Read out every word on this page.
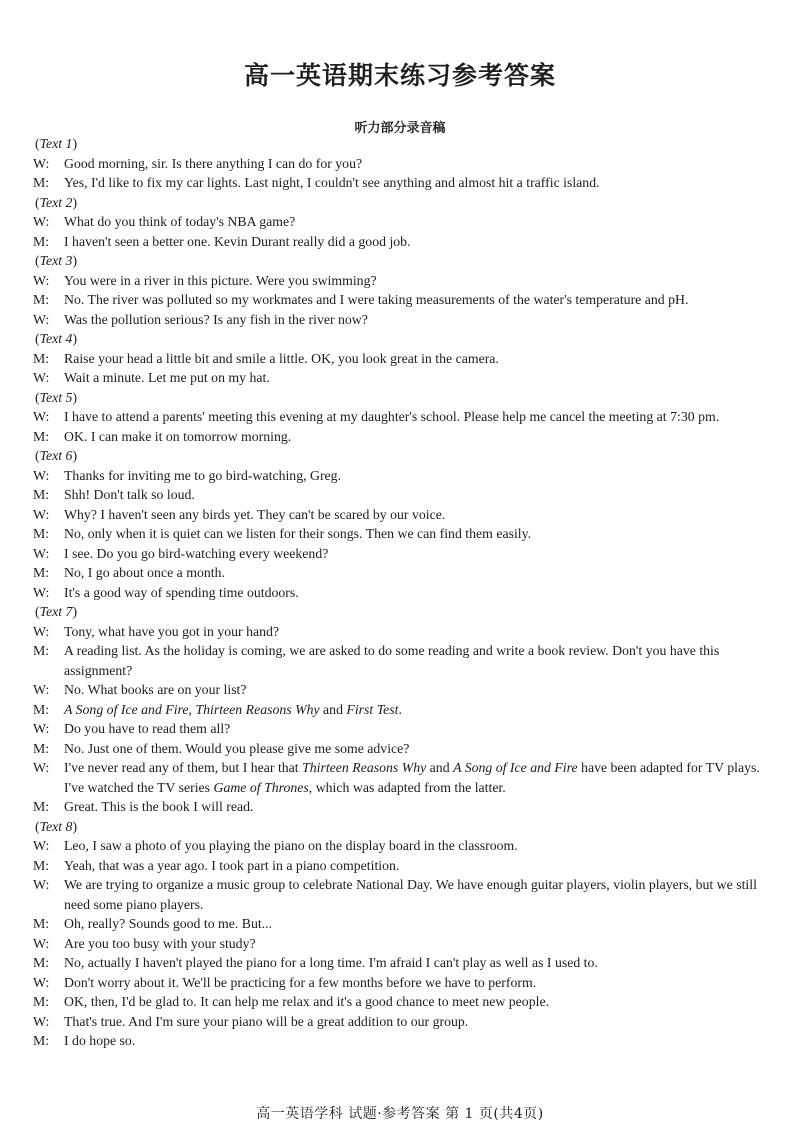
高一英语期末练习参考答案
听力部分录音稿
(Text 1)
W: Good morning, sir. Is there anything I can do for you?
M: Yes, I'd like to fix my car lights. Last night, I couldn't see anything and almost hit a traffic island.
(Text 2)
W: What do you think of today's NBA game?
M: I haven't seen a better one. Kevin Durant really did a good job.
(Text 3)
W: You were in a river in this picture. Were you swimming?
M: No. The river was polluted so my workmates and I were taking measurements of the water's temperature and pH.
W: Was the pollution serious? Is any fish in the river now?
(Text 4)
M: Raise your head a little bit and smile a little. OK, you look great in the camera.
W: Wait a minute. Let me put on my hat.
(Text 5)
W: I have to attend a parents' meeting this evening at my daughter's school. Please help me cancel the meeting at 7:30 pm.
M: OK. I can make it on tomorrow morning.
(Text 6)
W: Thanks for inviting me to go bird-watching, Greg.
M: Shh! Don't talk so loud.
W: Why? I haven't seen any birds yet. They can't be scared by our voice.
M: No, only when it is quiet can we listen for their songs. Then we can find them easily.
W: I see. Do you go bird-watching every weekend?
M: No, I go about once a month.
W: It's a good way of spending time outdoors.
(Text 7)
W: Tony, what have you got in your hand?
M: A reading list. As the holiday is coming, we are asked to do some reading and write a book review. Don't you have this assignment?
W: No. What books are on your list?
M: A Song of Ice and Fire, Thirteen Reasons Why and First Test.
W: Do you have to read them all?
M: No. Just one of them. Would you please give me some advice?
W: I've never read any of them, but I hear that Thirteen Reasons Why and A Song of Ice and Fire have been adapted for TV plays. I've watched the TV series Game of Thrones, which was adapted from the latter.
M: Great. This is the book I will read.
(Text 8)
W: Leo, I saw a photo of you playing the piano on the display board in the classroom.
M: Yeah, that was a year ago. I took part in a piano competition.
W: We are trying to organize a music group to celebrate National Day. We have enough guitar players, violin players, but we still need some piano players.
M: Oh, really? Sounds good to me. But...
W: Are you too busy with your study?
M: No, actually I haven't played the piano for a long time. I'm afraid I can't play as well as I used to.
W: Don't worry about it. We'll be practicing for a few months before we have to perform.
M: OK, then, I'd be glad to. It can help me relax and it's a good chance to meet new people.
W: That's true. And I'm sure your piano will be a great addition to our group.
M: I do hope so.
高一英语学科 试题·参考答案 第 1 页(共4页)
